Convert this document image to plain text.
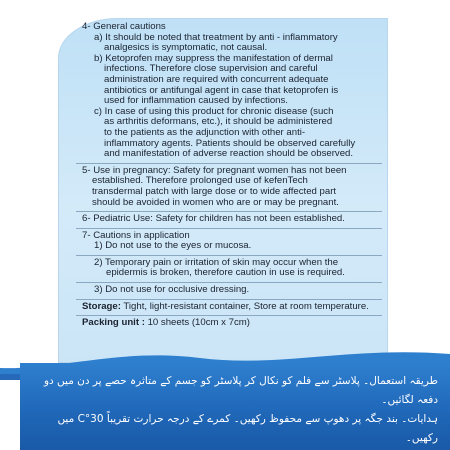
4- General cautions
a) It should be noted that treatment by anti - inflammatory
analgesics is symptomatic, not causal.
b) Ketoprofen may suppress the manifestation of dermal
infections. Therefore close supervision and careful
administration are required with concurrent adequate
antibiotics or antifungal agent in case that ketoprofen is
used for inflammation caused by infections.
c) In case of using this product for chronic disease (such
as arthritis deformans, etc.), it should be administered
to the patients as the adjunction with other anti-
inflammatory agents. Patients should be observed carefully
and manifestation of adverse reaction should be observed.
5- Use in pregnancy: Safety for pregnant women has not been
established. Therefore prolonged use of kefenTech
transdermal patch with large dose or to wide affected part
should be avoided in women who are or may be pregnant.
6- Pediatric Use: Safety for children has not been established.
7- Cautions in application
1) Do not use to the eyes or mucosa.
2) Temporary pain or irritation of skin may occur when the
epidermis is broken, therefore caution in use is required.
3) Do not use for occlusive dressing.
Storage: Tight, light-resistant container, Store at room temperature.
Packing unit : 10 sheets (10cm x 7cm)
طریقہ استعمال۔ پلاسٹر سے فلم کو نکال کر پلاسٹر کو جسم کے متاثرہ حصے پر دن میں دو دفعہ لگائیں۔
ہدایات۔ بند جگہ پر دھوپ سے محفوظ رکھیں۔ کمرے کے درجہ حرارت تقریباً 30°C میں رکھیں۔
